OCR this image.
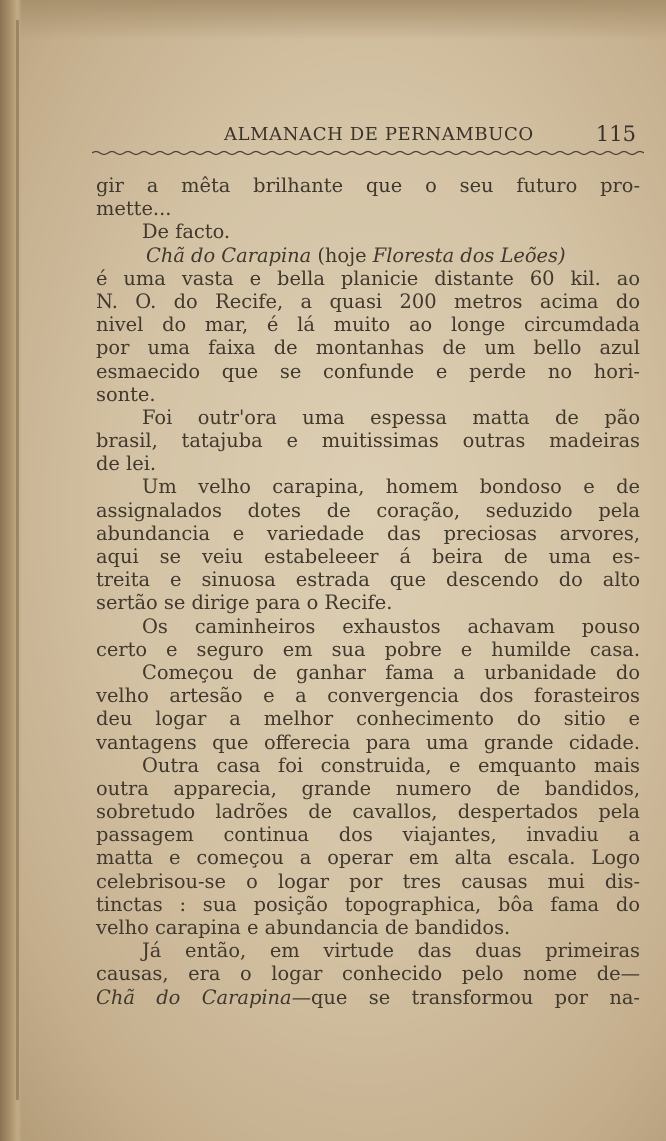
ALMANACH DE PERNAMBUCO	115
gir a mêta brilhante que o seu futuro pro-
mette...
De facto.
Chã do Carapina (hoje Floresta dos Leões)
é uma vasta e bella planicie distante 60 kil. ao
N. O. do Recife, a quasi 200 metros acima do
nivel do mar, é lá muito ao longe circumdada
por uma faixa de montanhas de um bello azul
esmaecido que se confunde e perde no hori-
sonte.
Foi outr'ora uma espessa matta de pão
brasil, tatajuba e muitissimas outras madeiras
de lei.
Um velho carapina, homem bondoso e de
assignalados dotes de coração, seduzido pela
abundancia e variedade das preciosas arvores,
aqui se veiu estabeleeer á beira de uma es-
treita e sinuosa estrada que descendo do alto
sertão se dirige para o Recife.
Os caminheiros exhaustos achavam pouso
certo e seguro em sua pobre e humilde casa.
Começou de ganhar fama a urbanidade do
velho artesão e a convergencia dos forasteiros
deu logar a melhor conhecimento do sitio e
vantagens que offerecia para uma grande cidade.
Outra casa foi construida, e emquanto mais
outra apparecia, grande numero de bandidos,
sobretudo ladrões de cavallos, despertados pela
passagem continua dos viajantes, invadiu a
matta e começou a operar em alta escala. Logo
celebrisou-se o logar por tres causas mui dis-
tinctas : sua posição topographica, bôa fama do
velho carapina e abundancia de bandidos.
Já então, em virtude das duas primeiras
causas, era o logar conhecido pelo nome de—
Chã do Carapina—que se transformou por na-
